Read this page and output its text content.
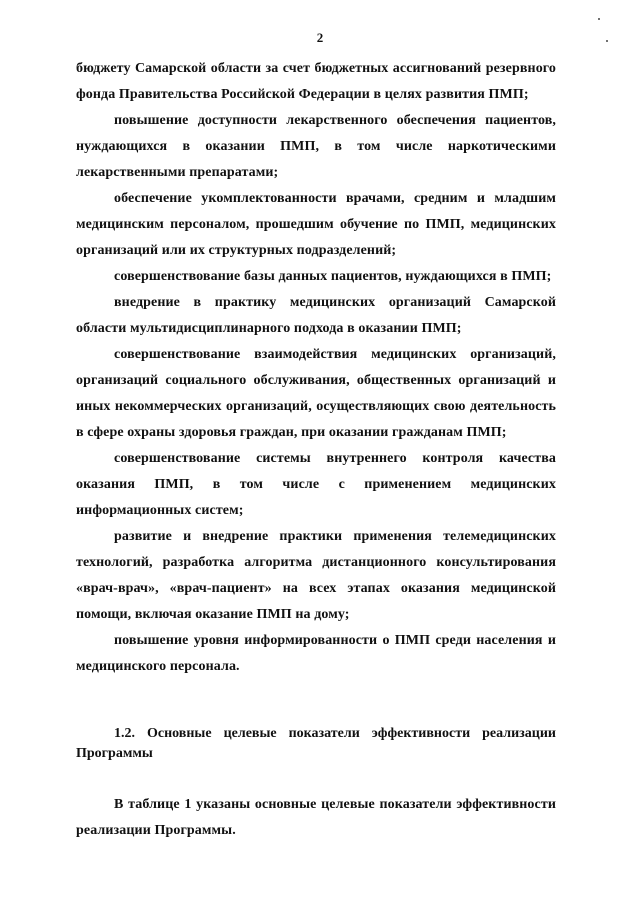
2

бюджету Самарской области за счет бюджетных ассигнований резервного фонда Правительства Российской Федерации в целях развития ПМП;

повышение доступности лекарственного обеспечения пациентов, нуждающихся в оказании ПМП, в том числе наркотическими лекарственными препаратами;

обеспечение укомплектованности врачами, средним и младшим медицинским персоналом, прошедшим обучение по ПМП, медицинских организаций или их структурных подразделений;

совершенствование базы данных пациентов, нуждающихся в ПМП;

внедрение в практику медицинских организаций Самарской области мультидисциплинарного подхода в оказании ПМП;

совершенствование взаимодействия медицинских организаций, организаций социального обслуживания, общественных организаций и иных некоммерческих организаций, осуществляющих свою деятельность в сфере охраны здоровья граждан, при оказании гражданам ПМП;

совершенствование системы внутреннего контроля качества оказания ПМП, в том числе с применением медицинских информационных систем;

развитие и внедрение практики применения телемедицинских технологий, разработка алгоритма дистанционного консультирования «врач-врач», «врач-пациент» на всех этапах оказания медицинской помощи, включая оказание ПМП на дому;

повышение уровня информированности о ПМП среди населения и медицинского персонала.

1.2. Основные целевые показатели эффективности реализации Программы

В таблице 1 указаны основные целевые показатели эффективности реализации Программы.
